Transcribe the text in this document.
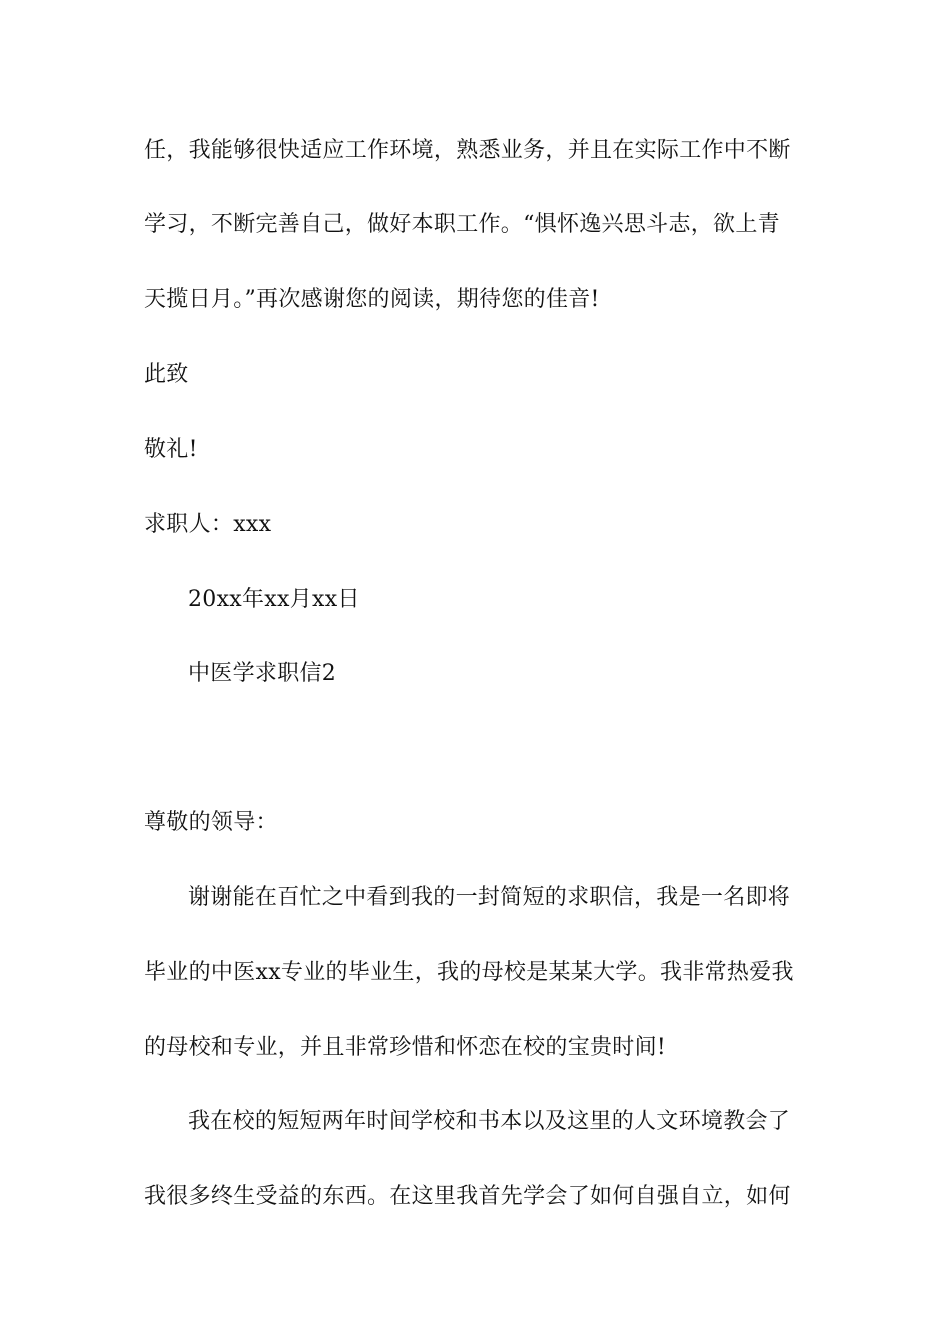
任，我能够很快适应工作环境，熟悉业务，并且在实际工作中不断
学习，不断完善自己，做好本职工作。“惧怀逸兴思斗志，欲上青
天揽日月。”再次感谢您的阅读，期待您的佳音!
此致
敬礼!
求职人：xxx
20xx年xx月xx日
中医学求职信2
尊敬的领导：
谢谢能在百忙之中看到我的一封简短的求职信，我是一名即将
毕业的中医xx专业的毕业生，我的母校是某某大学。我非常热爱我
的母校和专业，并且非常珍惜和怀恋在校的宝贵时间!
我在校的短短两年时间学校和书本以及这里的人文环境教会了
我很多终生受益的东西。在这里我首先学会了如何自强自立，如何
